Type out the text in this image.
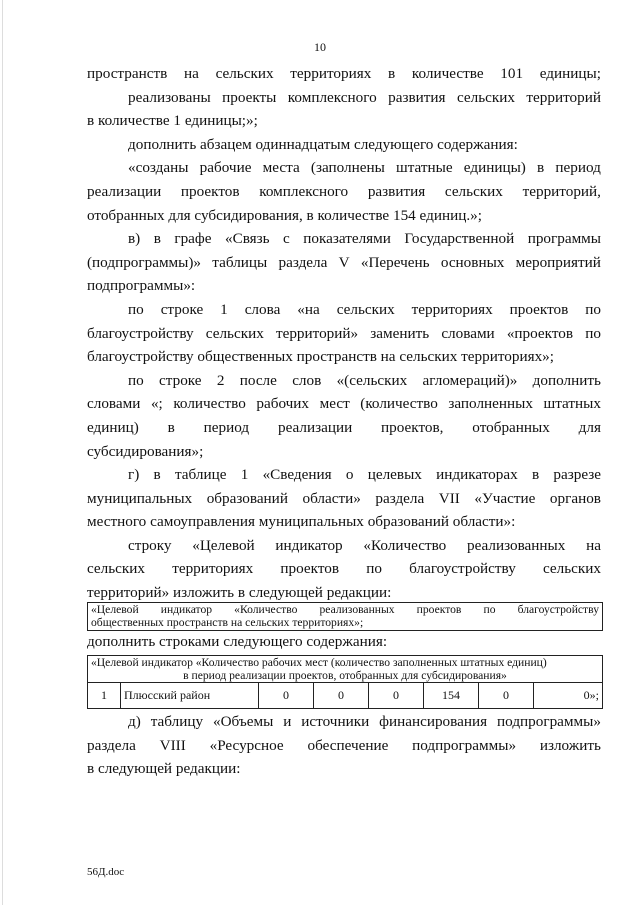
10
пространств на сельских территориях в количестве 101 единицы;
реализованы проекты комплексного развития сельских территорий
в количестве 1 единицы;»;
дополнить абзацем одиннадцатым следующего содержания:
«созданы рабочие места (заполнены штатные единицы) в период
реализации проектов комплексного развития сельских территорий,
отобранных для субсидирования, в количестве 154 единиц.»;
в) в графе «Связь с показателями Государственной программы
(подпрограммы)» таблицы раздела V «Перечень основных мероприятий
подпрограммы»:
по строке 1 слова «на сельских территориях проектов по
благоустройству сельских территорий» заменить словами «проектов по
благоустройству общественных пространств на сельских территориях»;
по строке 2 после слов «(сельских агломераций)» дополнить
словами «; количество рабочих мест (количество заполненных штатных
единиц) в период реализации проектов, отобранных для
субсидирования»;
г) в таблице 1 «Сведения о целевых индикаторах в разрезе
муниципальных образований области» раздела VII «Участие органов
местного самоуправления муниципальных образований области»:
строку «Целевой индикатор «Количество реализованных на
сельских территориях проектов по благоустройству сельских
территорий» изложить в следующей редакции:
«Целевой индикатор «Количество реализованных проектов по благоустройству
общественных пространств на сельских территориях»;
дополнить строками следующего содержания:
«Целевой индикатор «Количество рабочих мест (количество заполненных штатных единиц)
в период реализации проектов, отобранных для субсидирования»
1	Плюсский район	0	0	0	154	0	0»;
д) таблицу «Объемы и источники финансирования подпрограммы»
раздела VIII «Ресурсное обеспечение подпрограммы» изложить
в следующей редакции:
56Д.doc
